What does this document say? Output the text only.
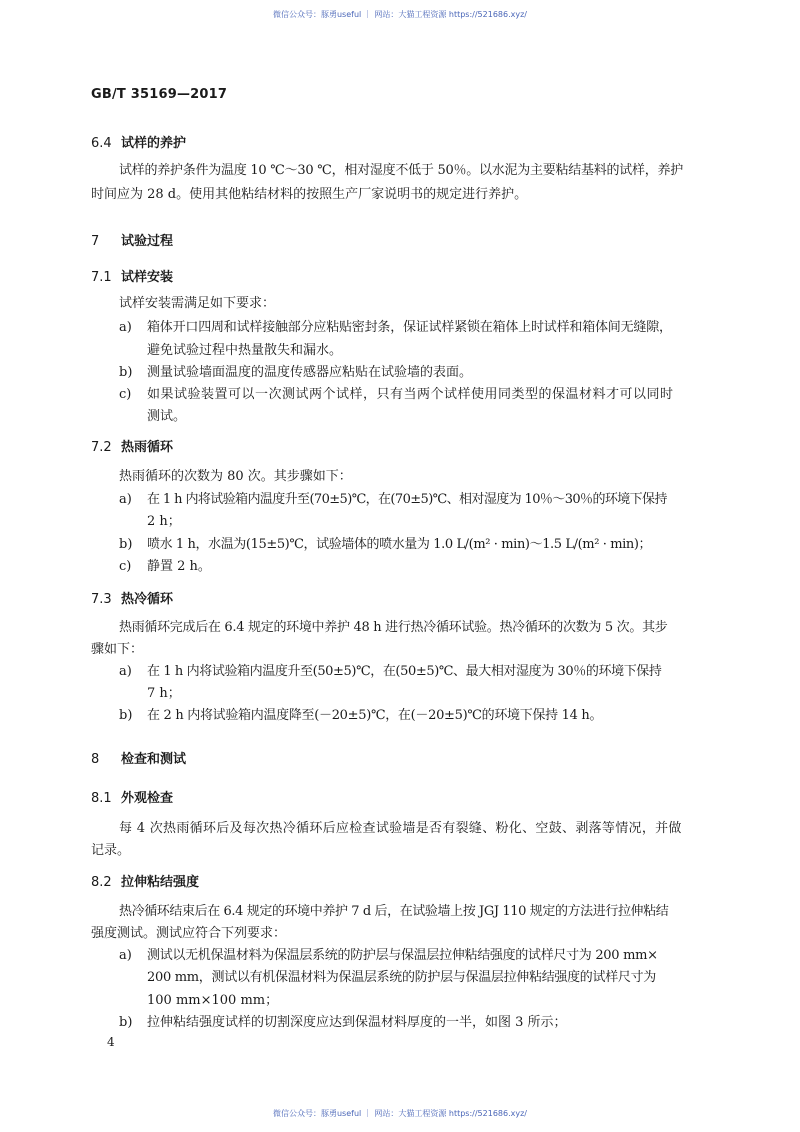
微信公众号：豚勇useful ｜ 网站：大猫工程资源 https://521686.xyz/
GB/T 35169—2017
6.4 试样的养护
试样的养护条件为温度 10 ℃～30 ℃，相对湿度不低于 50％。以水泥为主要粘结基料的试样，养护
时间应为 28 d。使用其他粘结材料的按照生产厂家说明书的规定进行养护。
7 试验过程
7.1 试样安装
试样安装需满足如下要求：
a) 箱体开口四周和试样接触部分应粘贴密封条，保证试样紧锁在箱体上时试样和箱体间无缝隙，
避免试验过程中热量散失和漏水。
b) 测量试验墙面温度的温度传感器应粘贴在试验墙的表面。
c) 如果试验装置可以一次测试两个试样，只有当两个试样使用同类型的保温材料才可以同时
测试。
7.2 热雨循环
热雨循环的次数为 80 次。其步骤如下：
a) 在 1 h 内将试验箱内温度升至(70±5)℃，在(70±5)℃、相对湿度为 10％～30％的环境下保持
2 h；
b) 喷水 1 h，水温为(15±5)℃，试验墙体的喷水量为 1.0 L/(m² · min)～1.5 L/(m² · min)；
c) 静置 2 h。
7.3 热冷循环
热雨循环完成后在 6.4 规定的环境中养护 48 h 进行热冷循环试验。热冷循环的次数为 5 次。其步
骤如下：
a) 在 1 h 内将试验箱内温度升至(50±5)℃，在(50±5)℃、最大相对湿度为 30％的环境下保持
7 h；
b) 在 2 h 内将试验箱内温度降至(－20±5)℃，在(－20±5)℃的环境下保持 14 h。
8 检查和测试
8.1 外观检查
每 4 次热雨循环后及每次热冷循环后应检查试验墙是否有裂缝、粉化、空鼓、剥落等情况，并做
记录。
8.2 拉伸粘结强度
热冷循环结束后在 6.4 规定的环境中养护 7 d 后，在试验墙上按 JGJ 110 规定的方法进行拉伸粘结
强度测试。测试应符合下列要求：
a) 测试以无机保温材料为保温层系统的防护层与保温层拉伸粘结强度的试样尺寸为 200 mm×
200 mm，测试以有机保温材料为保温层系统的防护层与保温层拉伸粘结强度的试样尺寸为
100 mm×100 mm；
b) 拉伸粘结强度试样的切割深度应达到保温材料厚度的一半，如图 3 所示；
4
微信公众号：豚勇useful ｜ 网站：大猫工程资源 https://521686.xyz/
